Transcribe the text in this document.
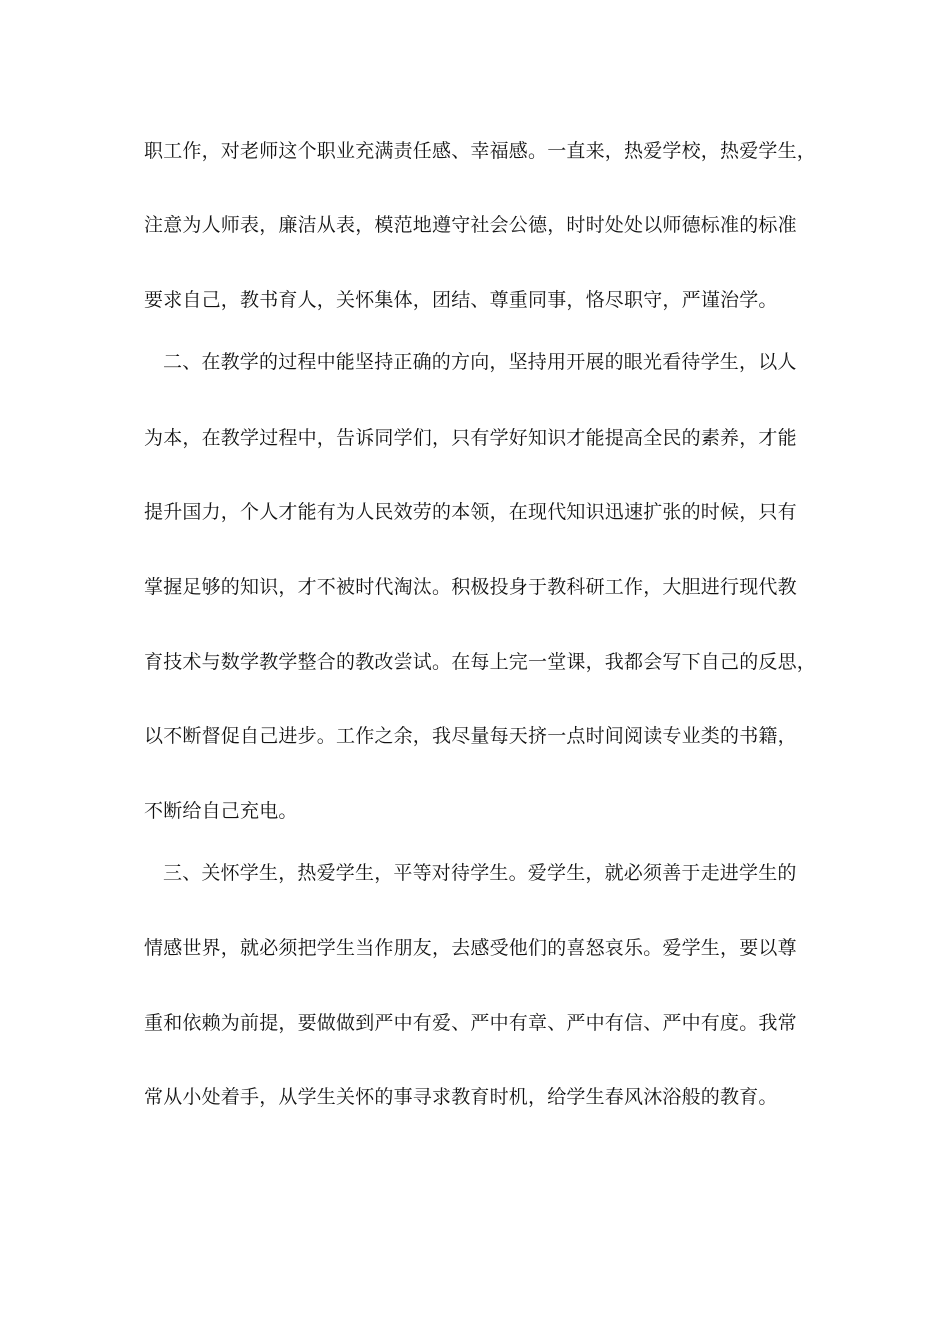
职工作，对老师这个职业充满责任感、幸福感。一直来，热爱学校，热爱学生，
注意为人师表，廉洁从表，模范地遵守社会公德，时时处处以师德标准的标准
要求自己，教书育人，关怀集体，团结、尊重同事，恪尽职守，严谨治学。
二、在教学的过程中能坚持正确的方向，坚持用开展的眼光看待学生，以人
为本，在教学过程中，告诉同学们，只有学好知识才能提高全民的素养，才能
提升国力，个人才能有为人民效劳的本领，在现代知识迅速扩张的时候，只有
掌握足够的知识，才不被时代淘汰。积极投身于教科研工作，大胆进行现代教
育技术与数学教学整合的教改尝试。在每上完一堂课，我都会写下自己的反思，
以不断督促自己进步。工作之余，我尽量每天挤一点时间阅读专业类的书籍，
不断给自己充电。
三、关怀学生，热爱学生，平等对待学生。爱学生，就必须善于走进学生的
情感世界，就必须把学生当作朋友，去感受他们的喜怒哀乐。爱学生，要以尊
重和依赖为前提，要做做到严中有爱、严中有章、严中有信、严中有度。我常
常从小处着手，从学生关怀的事寻求教育时机，给学生春风沐浴般的教育。
